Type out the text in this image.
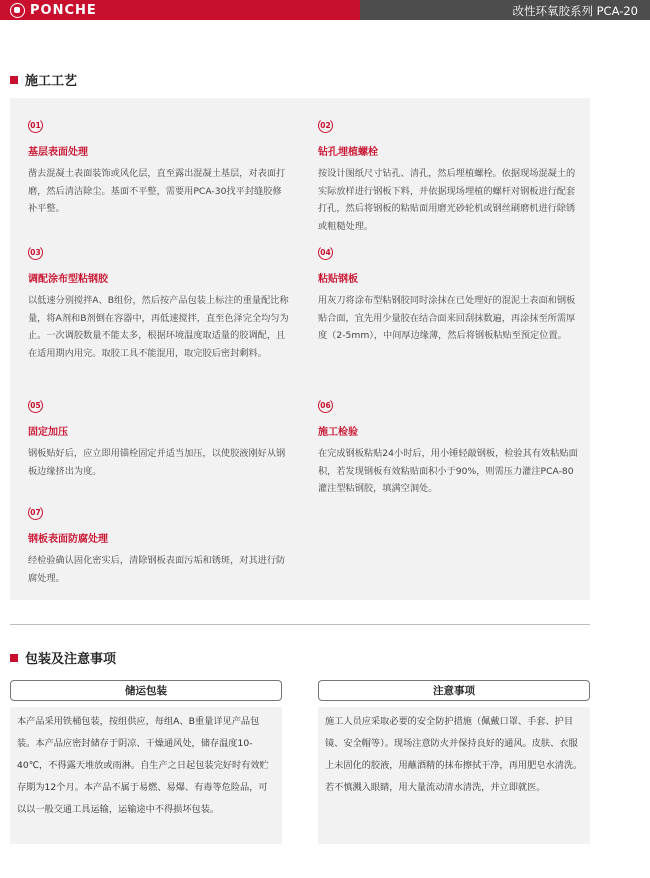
PONCHE	改性环氧胶系列 PCA-20
施工工艺
01
基层表面处理
凿去混凝土表面装饰或风化层，直至露出混凝土基层，对表面打磨，然后清洁除尘。基面不平整，需要用PCA-30找平封缝胶修补平整。
02
钻孔埋植螺栓
按设计图纸尺寸钻孔、清孔，然后埋植螺栓。依据现场混凝土的实际放样进行钢板下料，并依据现场埋植的螺杆对钢板进行配套打孔，然后将钢板的粘贴面用磨光砂轮机或钢丝刷磨机进行除锈或粗糙处理。
03
调配涂布型粘钢胶
以低速分别搅拌A、B组份，然后按产品包装上标注的重量配比称量，将A剂和B剂倒在容器中，再低速搅拌，直至色泽完全均匀为止。一次调胶数量不能太多，根据环境温度取适量的胶调配，且在适用期内用完。取胶工具不能混用，取完胶后密封剩料。
04
粘贴钢板
用灰刀将涂布型粘钢胶同时涂抹在已处理好的混泥土表面和钢板贴合面，宜先用少量胶在结合面来回刮抹数遍，再涂抹至所需厚度（2-5mm），中间厚边缘薄，然后将钢板粘贴至预定位置。
05
固定加压
钢板贴好后，应立即用锚栓固定并适当加压，以使胶液刚好从钢板边缘挤出为度。
06
施工检验
在完成钢板粘贴24小时后，用小锤轻敲钢板，检验其有效粘贴面积，若发现钢板有效粘贴面积小于90%，则需压力灌注PCA-80灌注型粘钢胶，填满空洞处。
07
钢板表面防腐处理
经检验确认固化密实后，清除钢板表面污垢和锈斑，对其进行防腐处理。
包装及注意事项
储运包装
本产品采用铁桶包装，按组供应，每组A、B重量详见产品包装。本产品应密封储存于阴凉、干燥通风处，储存温度10-40℃，不得露天堆放或雨淋。自生产之日起包装完好时有效贮存期为12个月。本产品不属于易燃、易爆、有毒等危险品，可以以一般交通工具运输，运输途中不得损坏包装。
注意事项
施工人员应采取必要的安全防护措施（佩戴口罩、手套、护目镜、安全帽等）。现场注意防火并保持良好的通风。皮肤、衣服上未固化的胶液，用蘸酒精的抹布擦拭干净，再用肥皂水清洗。若不慎溅入眼睛，用大量流动清水清洗，并立即就医。
